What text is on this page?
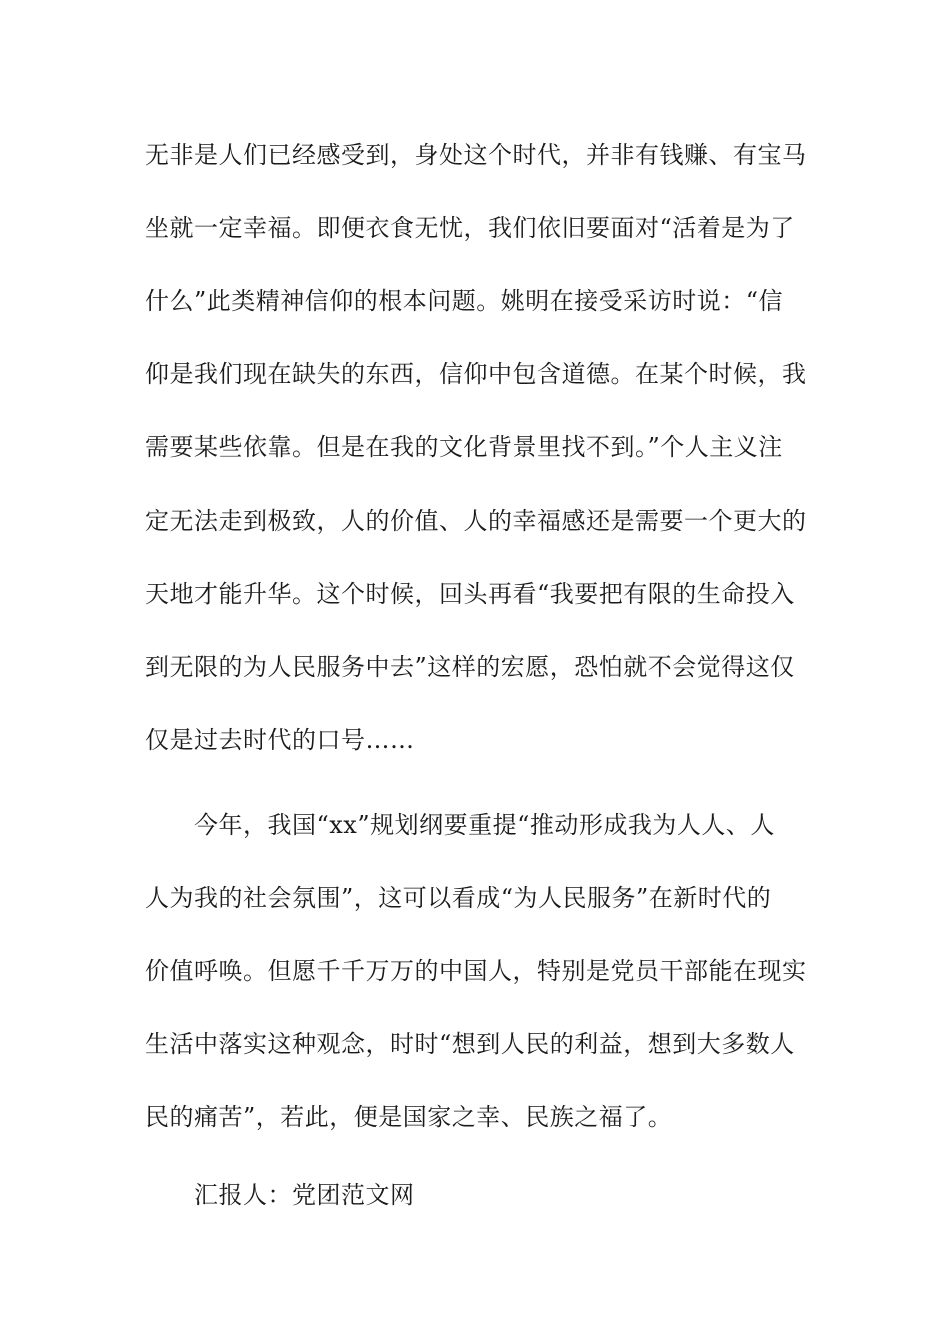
无非是人们已经感受到，身处这个时代，并非有钱赚、有宝马
坐就一定幸福。即便衣食无忧，我们依旧要面对“活着是为了
什么”此类精神信仰的根本问题。姚明在接受采访时说：“信
仰是我们现在缺失的东西，信仰中包含道德。在某个时候，我
需要某些依靠。但是在我的文化背景里找不到。”个人主义注
定无法走到极致，人的价值、人的幸福感还是需要一个更大的
天地才能升华。这个时候，回头再看“我要把有限的生命投入
到无限的为人民服务中去”这样的宏愿，恐怕就不会觉得这仅
仅是过去时代的口号……
　　今年，我国“xx”规划纲要重提“推动形成我为人人、人
人为我的社会氛围”，这可以看成“为人民服务”在新时代的
价值呼唤。但愿千千万万的中国人，特别是党员干部能在现实
生活中落实这种观念，时时“想到人民的利益，想到大多数人
民的痛苦”，若此，便是国家之幸、民族之福了。
　　汇报人：党团范文网
